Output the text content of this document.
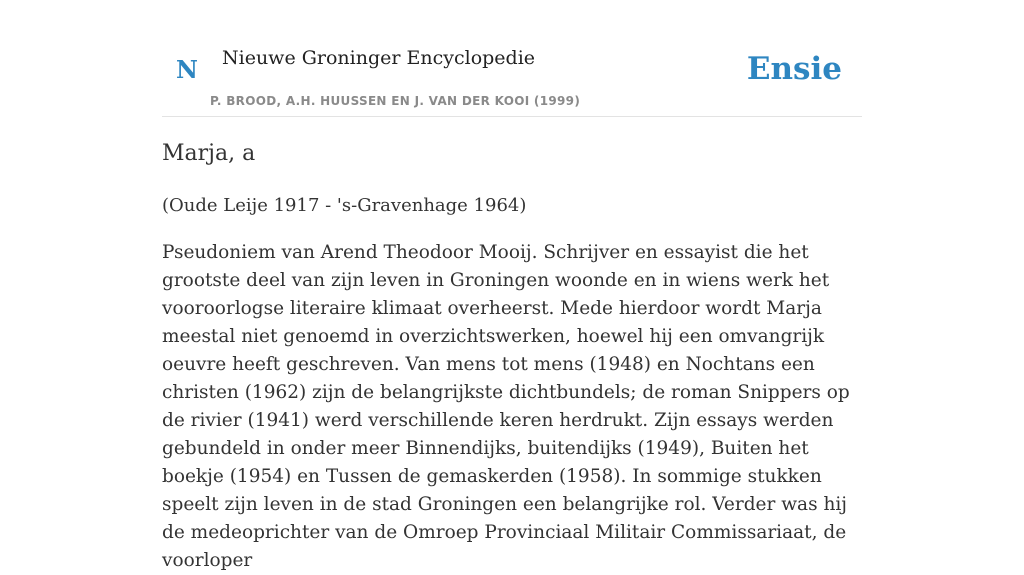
N Nieuwe Groninger Encyclopedie
P. BROOD, A.H. HUUSSEN EN J. VAN DER KOOI (1999)
Ensie
Marja, a
(Oude Leije 1917 - 's-Gravenhage 1964)

Pseudoniem van Arend Theodoor Mooij. Schrijver en essayist die het grootste deel van zijn leven in Groningen woonde en in wiens werk het vooroorlogse literaire klimaat overheerst. Mede hierdoor wordt Marja meestal niet genoemd in overzichtswerken, hoewel hij een omvangrijk oeuvre heeft geschreven. Van mens tot mens (1948) en Nochtans een christen (1962) zijn de belangrijkste dichtbundels; de roman Snippers op de rivier (1941) werd verschillende keren herdrukt. Zijn essays werden gebundeld in onder meer Binnendijks, buitendijks (1949), Buiten het boekje (1954) en Tussen de gemaskerden (1958). In sommige stukken speelt zijn leven in de stad Groningen een belangrijke rol. Verder was hij de medeoprichter van de Omroep Provinciaal Militair Commissariaat, de voorloper
